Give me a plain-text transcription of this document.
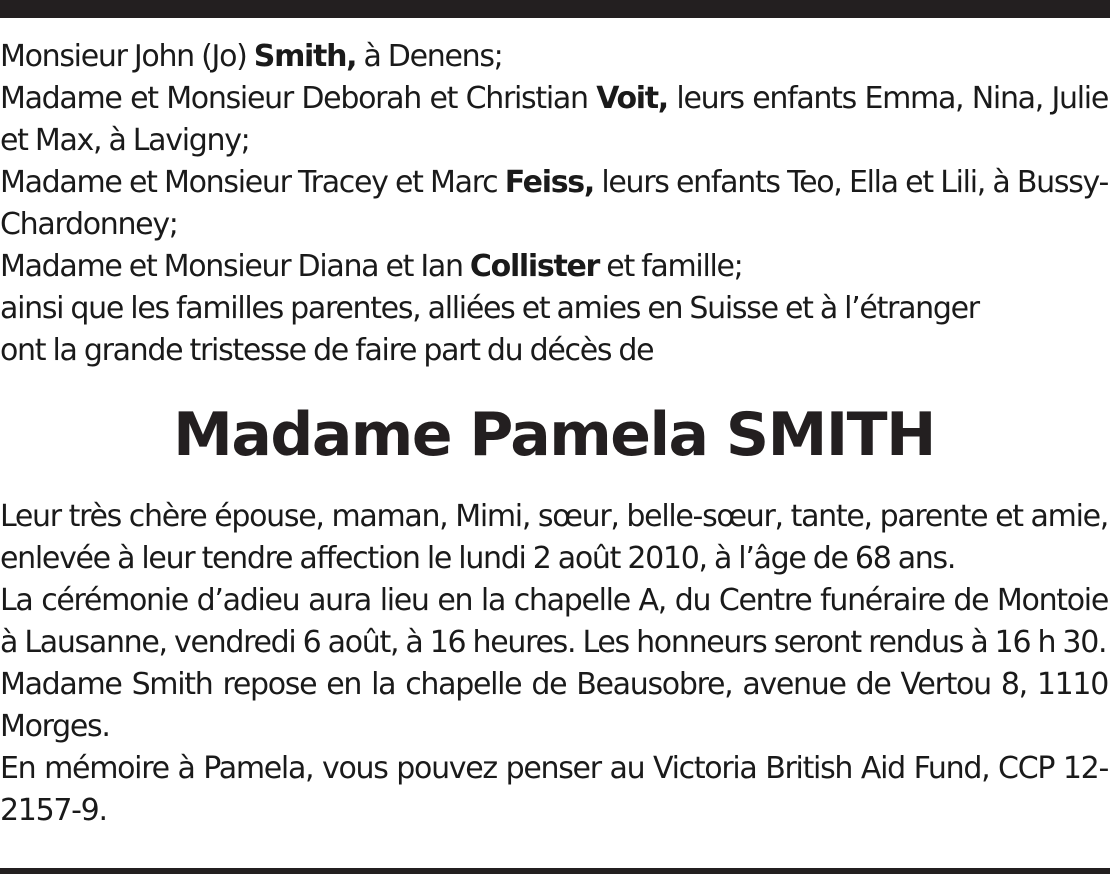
Monsieur John (Jo) Smith, à Denens;

Madame et Monsieur Deborah et Christian Voit, leurs enfants Emma, Nina, Julie et Max, à Lavigny;

Madame et Monsieur Tracey et Marc Feiss, leurs enfants Teo, Ella et Lili, à Bussy-Chardonney;

Madame et Monsieur Diana et Ian Collister et famille;

ainsi que les familles parentes, alliées et amies en Suisse et à l’étranger

ont la grande tristesse de faire part du décès de

Madame Pamela SMITH

Leur très chère épouse, maman, Mimi, sœur, belle-sœur, tante, parente et amie, enlevée à leur tendre affection le lundi 2 août 2010, à l’âge de 68 ans.

La cérémonie d’adieu aura lieu en la chapelle A, du Centre funéraire de Montoie à Lausanne, vendredi 6 août, à 16 heures. Les honneurs seront rendus à 16 h 30.

Madame Smith repose en la chapelle de Beausobre, avenue de Vertou 8, 1110 Morges.

En mémoire à Pamela, vous pouvez penser au Victoria British Aid Fund, CCP 12-2157-9.
